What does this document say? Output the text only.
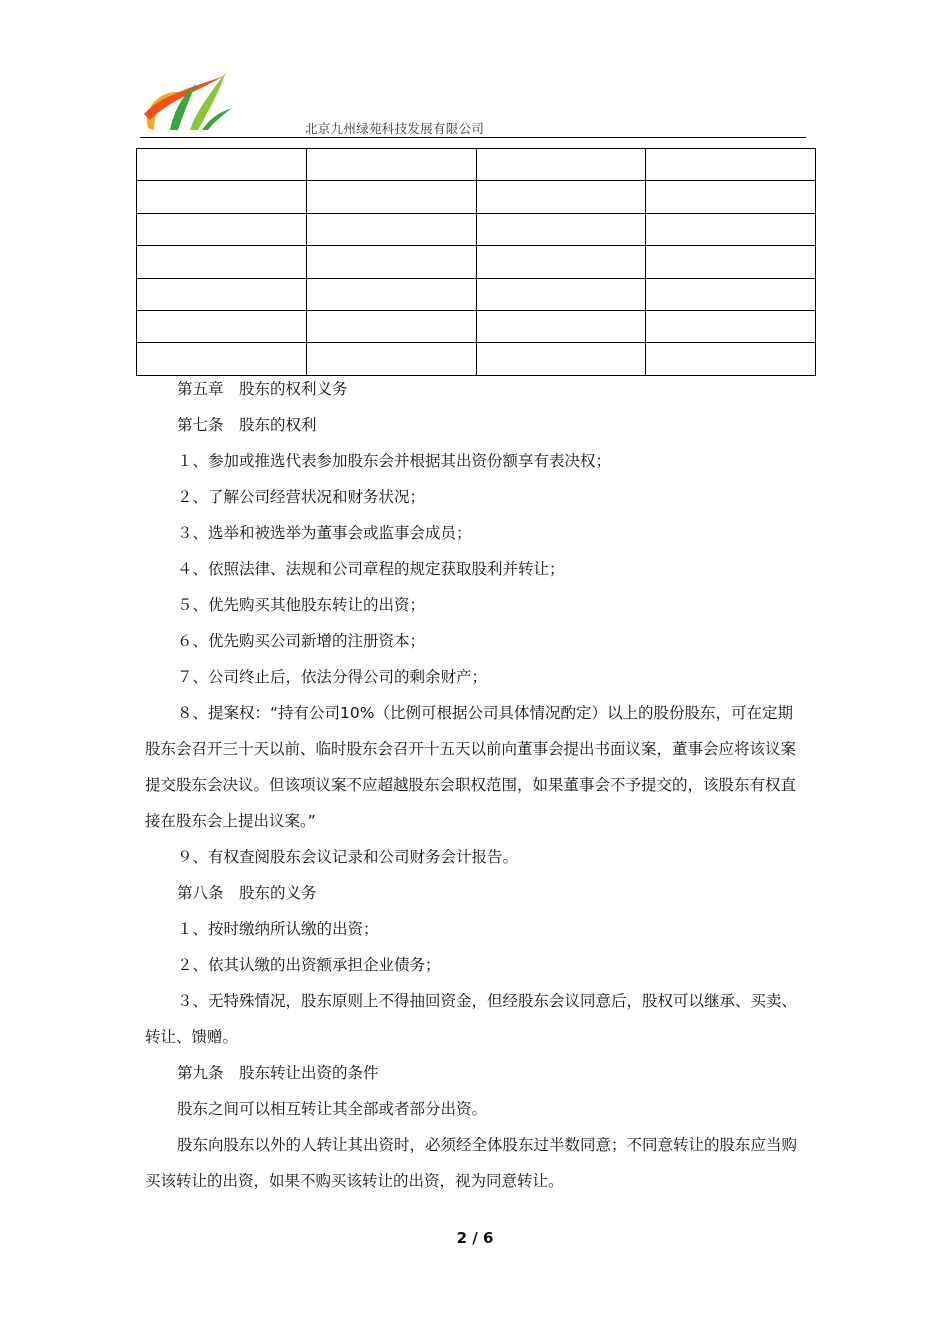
北京九州绿苑科技发展有限公司

第五章　股东的权利义务

第七条　股东的权利

１、参加或推选代表参加股东会并根据其出资份额享有表决权；

２、了解公司经营状况和财务状况；

３、选举和被选举为董事会或监事会成员；

４、依照法律、法规和公司章程的规定获取股利并转让；

５、优先购买其他股东转让的出资；

６、优先购买公司新增的注册资本；

７、公司终止后，依法分得公司的剩余财产；

８、提案权：“持有公司10%（比例可根据公司具体情况酌定）以上的股份股东，可在定期股东会召开三十天以前、临时股东会召开十五天以前向董事会提出书面议案，董事会应将该议案提交股东会决议。但该项议案不应超越股东会职权范围，如果董事会不予提交的，该股东有权直接在股东会上提出议案。”

９、有权查阅股东会议记录和公司财务会计报告。

第八条　股东的义务

１、按时缴纳所认缴的出资；

２、依其认缴的出资额承担企业债务；

３、无特殊情况，股东原则上不得抽回资金，但经股东会议同意后，股权可以继承、买卖、转让、馈赠。

第九条　股东转让出资的条件

股东之间可以相互转让其全部或者部分出资。

股东向股东以外的人转让其出资时，必须经全体股东过半数同意；不同意转让的股东应当购买该转让的出资，如果不购买该转让的出资，视为同意转让。

2 / 6
